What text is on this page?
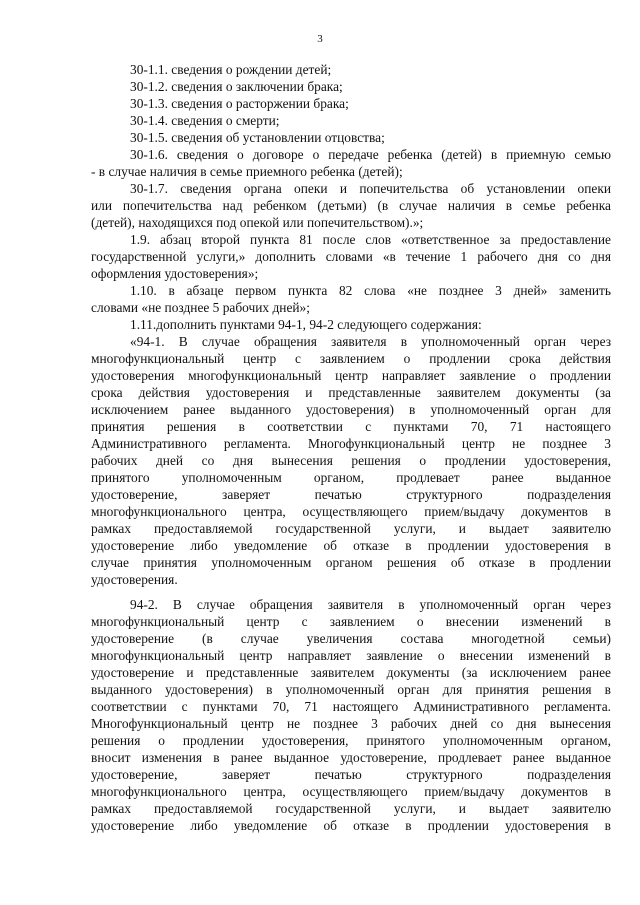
3
30-1.1. сведения о рождении детей;
30-1.2. сведения о заключении брака;
30-1.3. сведения о расторжении брака;
30-1.4. сведения о смерти;
30-1.5. сведения об установлении отцовства;
30-1.6. сведения о договоре о передаче ребенка (детей) в приемную семью
- в случае наличия в семье приемного ребенка (детей);
30-1.7. сведения органа опеки и попечительства об установлении опеки
или попечительства над ребенком (детьми) (в случае наличия в семье ребенка
(детей), находящихся под опекой или попечительством).»;
1.9. абзац второй пункта 81 после слов «ответственное за предоставление
государственной услуги,» дополнить словами «в течение 1 рабочего дня со дня
оформления удостоверения»;
1.10. в абзаце первом пункта 82 слова «не позднее 3 дней» заменить
словами «не позднее 5 рабочих дней»;
1.11.дополнить пунктами 94-1, 94-2 следующего содержания:
«94-1. В случае обращения заявителя в уполномоченный орган через
многофункциональный центр с заявлением о продлении срока действия
удостоверения многофункциональный центр направляет заявление о продлении
срока действия удостоверения и представленные заявителем документы (за
исключением ранее выданного удостоверения) в уполномоченный орган для
принятия решения в соответствии с пунктами 70, 71 настоящего
Административного регламента. Многофункциональный центр не позднее 3
рабочих дней со дня вынесения решения о продлении удостоверения,
принятого уполномоченным органом, продлевает ранее выданное
удостоверение, заверяет печатью структурного подразделения
многофункционального центра, осуществляющего прием/выдачу документов в
рамках предоставляемой государственной услуги, и выдает заявителю
удостоверение либо уведомление об отказе в продлении удостоверения в
случае принятия уполномоченным органом решения об отказе в продлении
удостоверения.
94-2. В случае обращения заявителя в уполномоченный орган через
многофункциональный центр с заявлением о внесении изменений в
удостоверение (в случае увеличения состава многодетной семьи)
многофункциональный центр направляет заявление о внесении изменений в
удостоверение и представленные заявителем документы (за исключением ранее
выданного удостоверения) в уполномоченный орган для принятия решения в
соответствии с пунктами 70, 71 настоящего Административного регламента.
Многофункциональный центр не позднее 3 рабочих дней со дня вынесения
решения о продлении удостоверения, принятого уполномоченным органом,
вносит изменения в ранее выданное удостоверение, продлевает ранее выданное
удостоверение, заверяет печатью структурного подразделения
многофункционального центра, осуществляющего прием/выдачу документов в
рамках предоставляемой государственной услуги, и выдает заявителю
удостоверение либо уведомление об отказе в продлении удостоверения в
